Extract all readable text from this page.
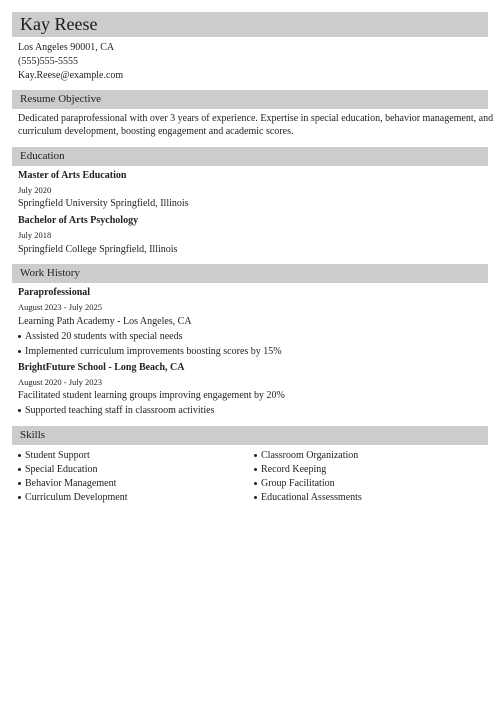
Kay Reese
Los Angeles 90001, CA
(555)555-5555
Kay.Reese@example.com
Resume Objective
Dedicated paraprofessional with over 3 years of experience. Expertise in special education, behavior management, and
curriculum development, boosting engagement and academic scores.
Education
Master of Arts Education
July 2020
Springfield University Springfield, Illinois
Bachelor of Arts Psychology
July 2018
Springfield College Springfield, Illinois
Work History
Paraprofessional
August 2023 - July 2025
Learning Path Academy - Los Angeles, CA
Assisted 20 students with special needs
Implemented curriculum improvements boosting scores by 15%
BrightFuture School - Long Beach, CA
August 2020 - July 2023
Facilitated student learning groups improving engagement by 20%
Supported teaching staff in classroom activities
Skills
Student Support
Special Education
Behavior Management
Curriculum Development
Classroom Organization
Record Keeping
Group Facilitation
Educational Assessments
